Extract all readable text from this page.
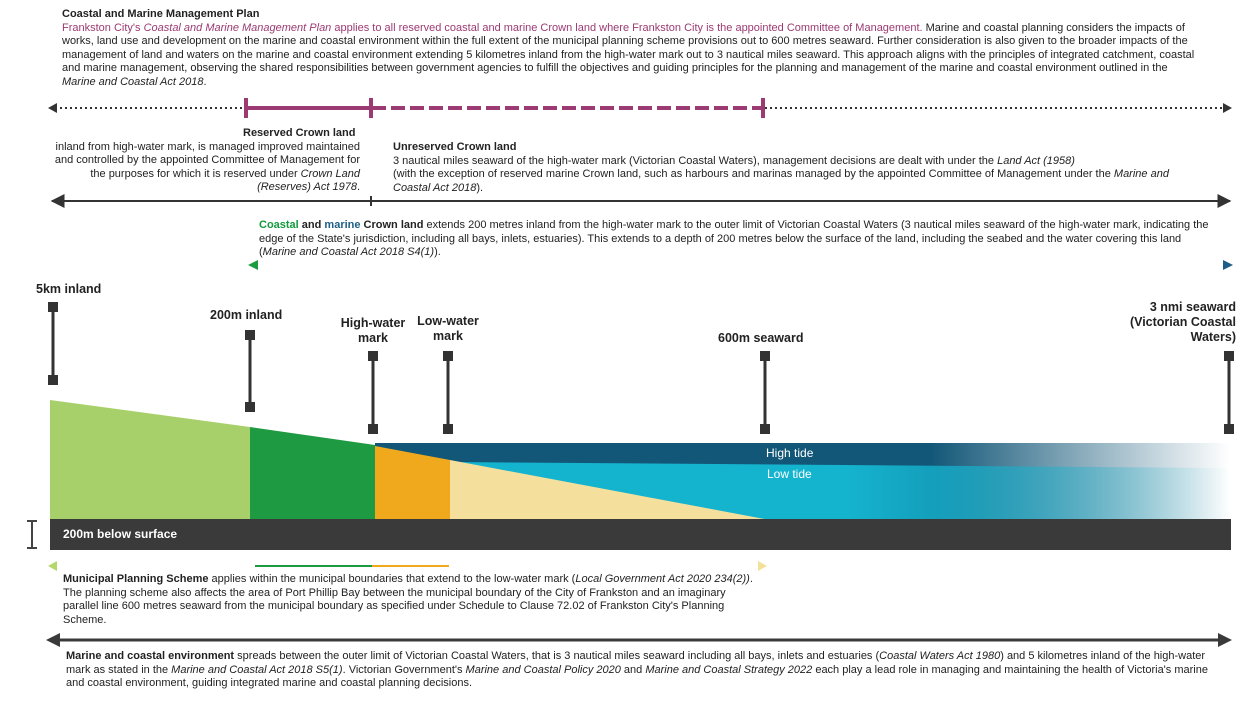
Coastal and Marine Management Plan
Frankston City's Coastal and Marine Management Plan applies to all reserved coastal and marine Crown land where Frankston City is the appointed Committee of Management. Marine and coastal planning considers the impacts of works, land use and development on the marine and coastal environment within the full extent of the municipal planning scheme provisions out to 600 metres seaward. Further consideration is also given to the broader impacts of the management of land and waters on the marine and coastal environment extending 5 kilometres inland from the high-water mark out to 3 nautical miles seaward. This approach aligns with the principles of integrated catchment, coastal and marine management, observing the shared responsibilities between government agencies to fulfill the objectives and guiding principles for the planning and management of the marine and coastal environment outlined in the Marine and Coastal Act 2018.
Reserved Crown land
inland from high-water mark, is managed improved maintained and controlled by the appointed Committee of Management for the purposes for which it is reserved under Crown Land (Reserves) Act 1978.
Unreserved Crown land
3 nautical miles seaward of the high-water mark (Victorian Coastal Waters), management decisions are dealt with under the Land Act (1958)
(with the exception of reserved marine Crown land, such as harbours and marinas managed by the appointed Committee of Management under the Marine and Coastal Act 2018).
Coastal and marine Crown land extends 200 metres inland from the high-water mark to the outer limit of Victorian Coastal Waters (3 nautical miles seaward of the high-water mark, indicating the edge of the State's jurisdiction, including all bays, inlets, estuaries). This extends to a depth of 200 metres below the surface of the land, including the seabed and the water covering this land (Marine and Coastal Act 2018 S4(1)).
5km inland
200m inland
High-water mark
Low-water mark	600m seaward
3 nmi seaward
(Victorian Coastal
Waters)
High tide
Low tide
200m below surface
Municipal Planning Scheme applies within the municipal boundaries that extend to the low-water mark (Local Government Act 2020 234(2)). The planning scheme also affects the area of Port Phillip Bay between the municipal boundary of the City of Frankston and an imaginary parallel line 600 metres seaward from the municipal boundary as specified under Schedule to Clause 72.02 of Frankston City's Planning Scheme.
Marine and coastal environment spreads between the outer limit of Victorian Coastal Waters, that is 3 nautical miles seaward including all bays, inlets and estuaries (Coastal Waters Act 1980) and 5 kilometres inland of the high-water mark as stated in the Marine and Coastal Act 2018 S5(1). Victorian Government's Marine and Coastal Policy 2020 and Marine and Coastal Strategy 2022 each play a lead role in managing and maintaining the health of Victoria's marine and coastal environment, guiding integrated marine and coastal planning decisions.
